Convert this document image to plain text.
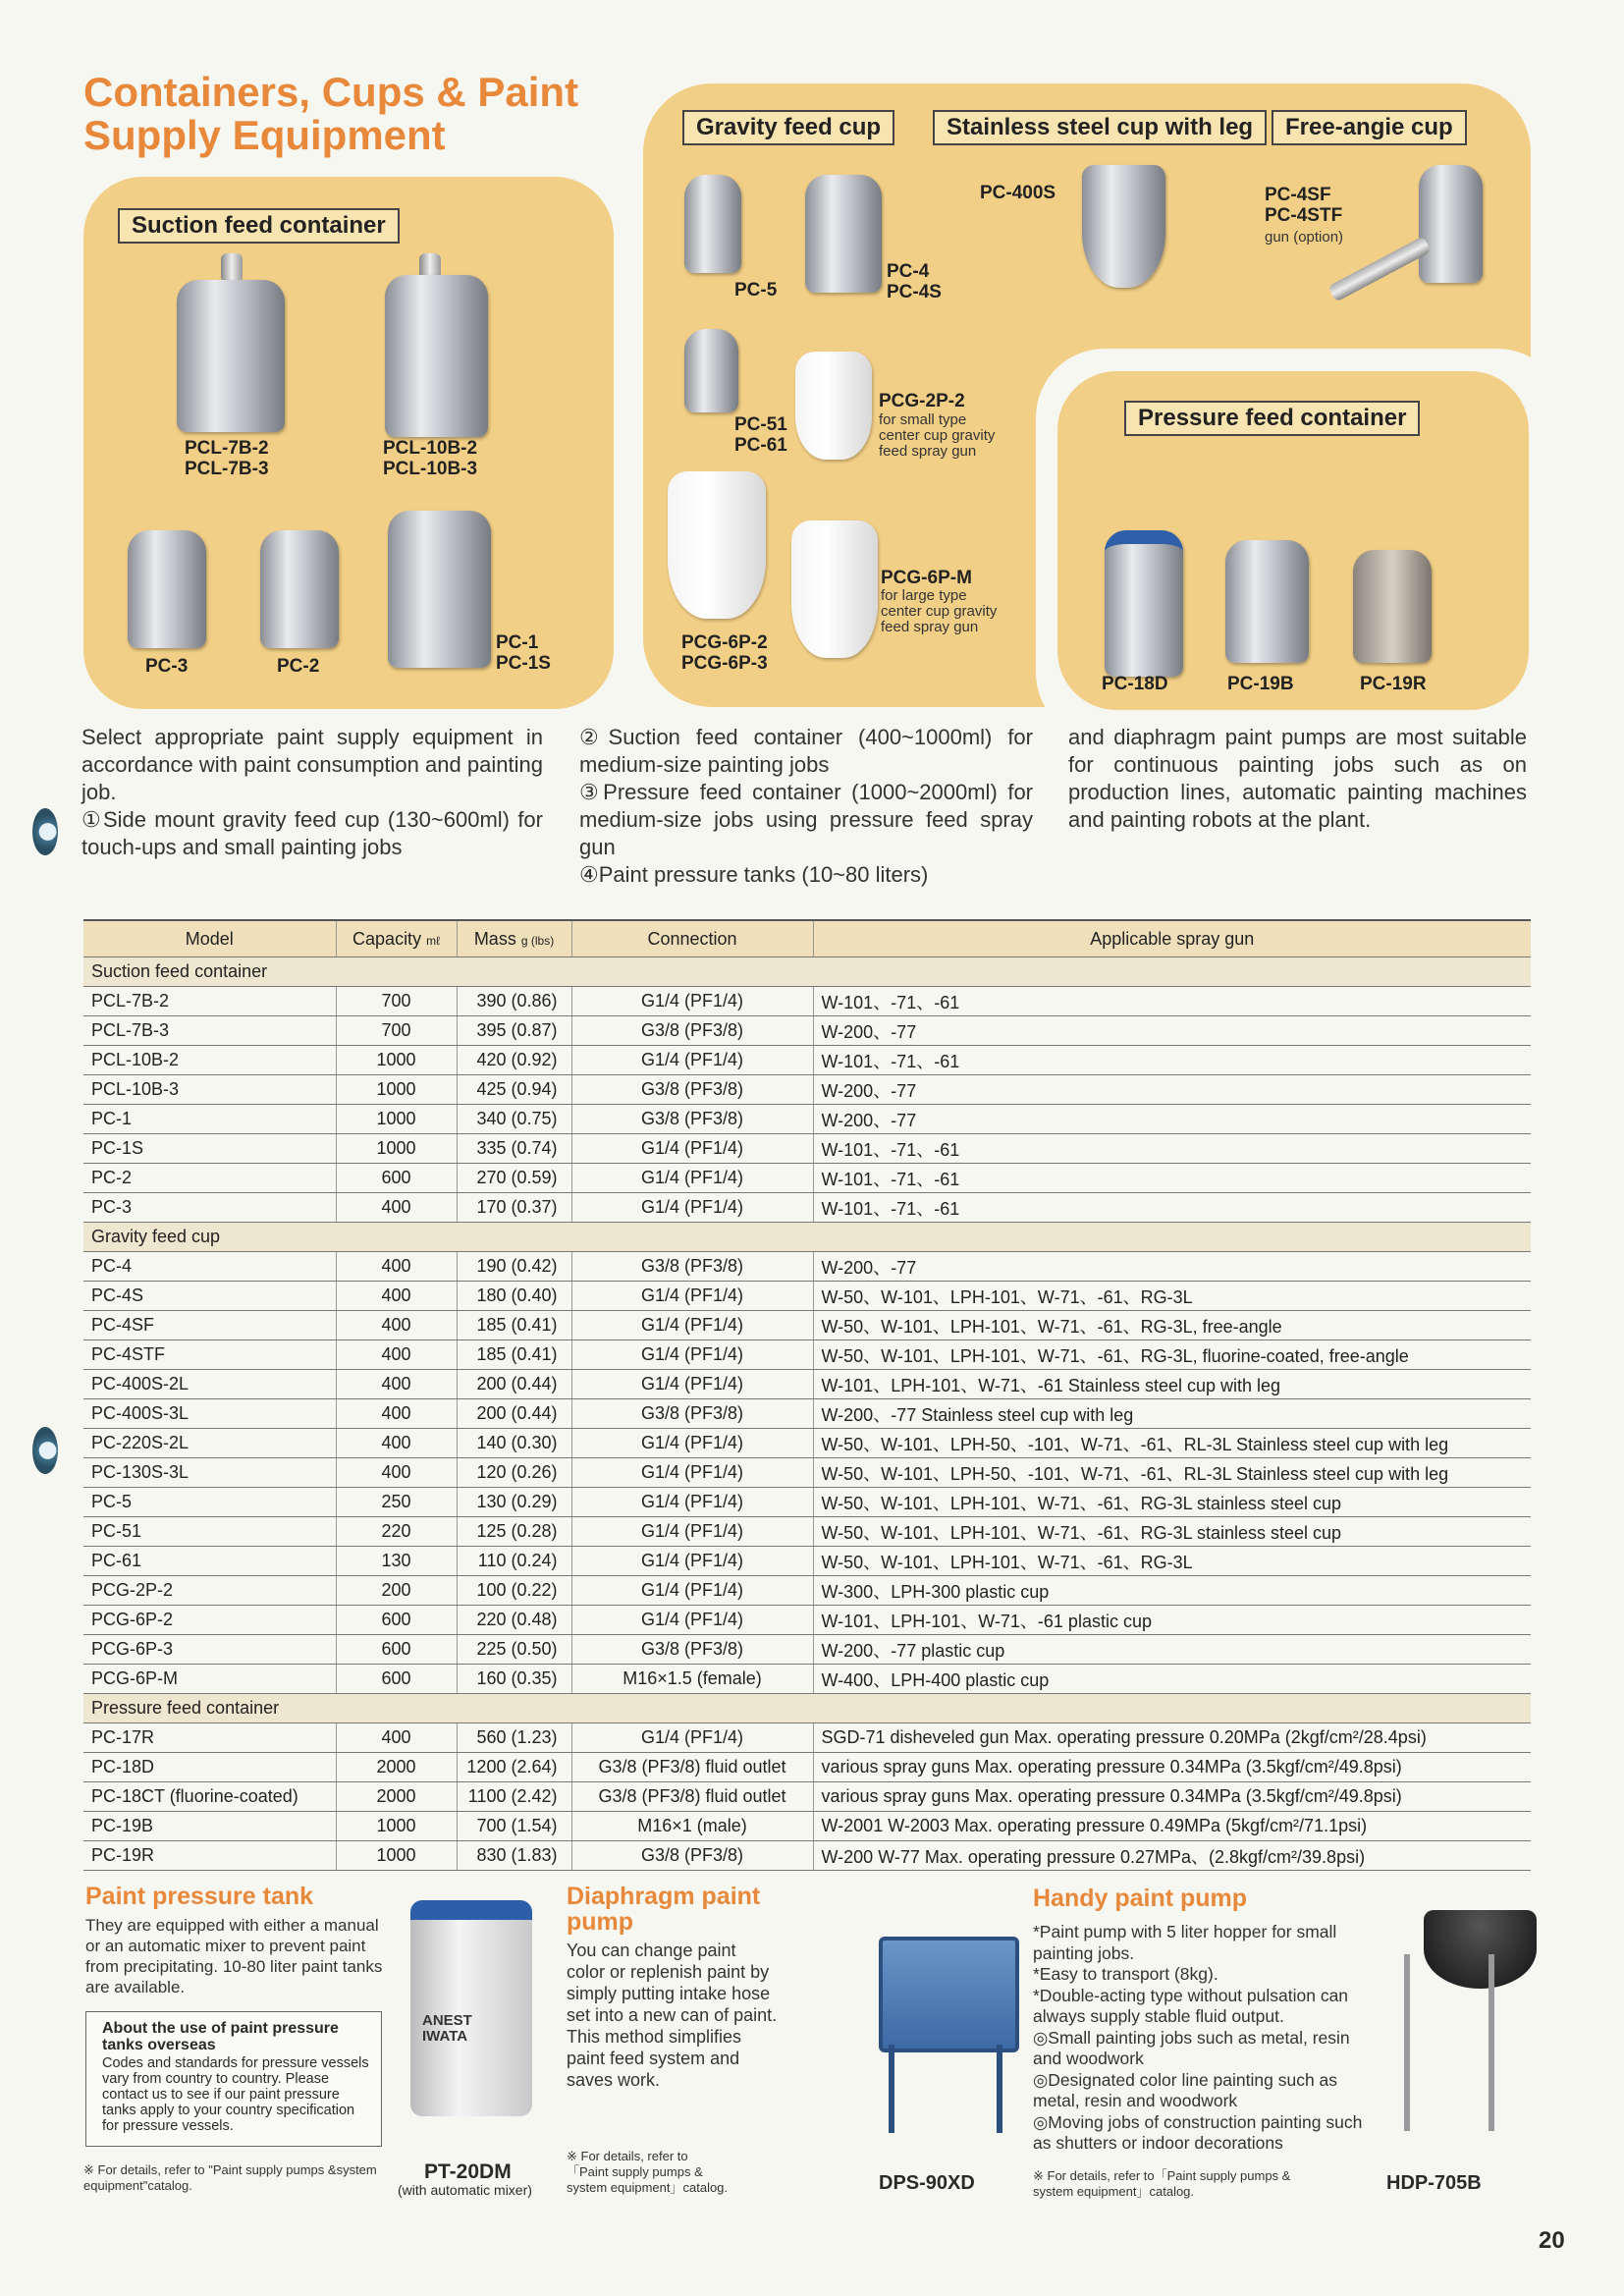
Containers, Cups & Paint
Supply Equipment
Suction feed container
PCL-7B-2
PCL-7B-3
PCL-10B-2
PCL-10B-3
PC-3	PC-2
PC-1
PC-1S
Gravity feed cup	Stainless steel cup with leg	Free-angie cup
PC-5
PC-4
PC-4S
PC-51
PC-61
PCG-2P-2
for small type
center cup gravity
feed spray gun
PCG-6P-2
PCG-6P-3
PCG-6P-M
for large type
center cup gravity
feed spray gun
PC-400S	PC-4SF
PC-4STF
gun (option)
Pressure feed container
PC-18D	PC-19B	PC-19R
Select appropriate paint supply equipment in accordance with paint consumption and painting job.
①Side mount gravity feed cup (130~600ml) for touch-ups and small painting jobs
②Suction feed container (400~1000ml) for medium-size painting jobs
③Pressure feed container (1000~2000ml) for medium-size jobs using pressure feed spray gun
④Paint pressure tanks (10~80 liters)
and diaphragm paint pumps are most suitable for continuous painting jobs such as on production lines, automatic painting machines and painting robots at the plant.
Model	Capacity mℓ	Mass g (lbs)	Connection	Applicable spray gun
Suction feed container				
PCL-7B-2	700	390 (0.86)	G1/4 (PF1/4)	W-101、-71、-61
PCL-7B-3	700	395 (0.87)	G3/8 (PF3/8)	W-200、-77
PCL-10B-2	1000	420 (0.92)	G1/4 (PF1/4)	W-101、-71、-61
PCL-10B-3	1000	425 (0.94)	G3/8 (PF3/8)	W-200、-77
PC-1	1000	340 (0.75)	G3/8 (PF3/8)	W-200、-77
PC-1S	1000	335 (0.74)	G1/4 (PF1/4)	W-101、-71、-61
PC-2	600	270 (0.59)	G1/4 (PF1/4)	W-101、-71、-61
PC-3	400	170 (0.37)	G1/4 (PF1/4)	W-101、-71、-61
Gravity feed cup				
PC-4	400	190 (0.42)	G3/8 (PF3/8)	W-200、-77
PC-4S	400	180 (0.40)	G1/4 (PF1/4)	W-50、W-101、LPH-101、W-71、-61、RG-3L
PC-4SF	400	185 (0.41)	G1/4 (PF1/4)	W-50、W-101、LPH-101、W-71、-61、RG-3L, free-angle
PC-4STF	400	185 (0.41)	G1/4 (PF1/4)	W-50、W-101、LPH-101、W-71、-61、RG-3L, fluorine-coated, free-angle
PC-400S-2L	400	200 (0.44)	G1/4 (PF1/4)	W-101、LPH-101、W-71、-61 Stainless steel cup with leg
PC-400S-3L	400	200 (0.44)	G3/8 (PF3/8)	W-200、-77 Stainless steel cup with leg
PC-220S-2L	400	140 (0.30)	G1/4 (PF1/4)	W-50、W-101、LPH-50、-101、W-71、-61、RL-3L Stainless steel cup with leg
PC-130S-3L	400	120 (0.26)	G1/4 (PF1/4)	W-50、W-101、LPH-50、-101、W-71、-61、RL-3L Stainless steel cup with leg
PC-5	250	130 (0.29)	G1/4 (PF1/4)	W-50、W-101、LPH-101、W-71、-61、RG-3L stainless steel cup
PC-51	220	125 (0.28)	G1/4 (PF1/4)	W-50、W-101、LPH-101、W-71、-61、RG-3L stainless steel cup
PC-61	130	110 (0.24)	G1/4 (PF1/4)	W-50、W-101、LPH-101、W-71、-61、RG-3L
PCG-2P-2	200	100 (0.22)	G1/4 (PF1/4)	W-300、LPH-300 plastic cup
PCG-6P-2	600	220 (0.48)	G1/4 (PF1/4)	W-101、LPH-101、W-71、-61 plastic cup
PCG-6P-3	600	225 (0.50)	G3/8 (PF3/8)	W-200、-77 plastic cup
PCG-6P-M	600	160 (0.35)	M16×1.5 (female)	W-400、LPH-400 plastic cup
Pressure feed container				
PC-17R	400	560 (1.23)	G1/4 (PF1/4)	SGD-71 disheveled gun Max. operating pressure 0.20MPa (2kgf/cm²/28.4psi)
PC-18D	2000	1200 (2.64)	G3/8 (PF3/8) fluid outlet	various spray guns Max. operating pressure 0.34MPa (3.5kgf/cm²/49.8psi)
PC-18CT (fluorine-coated)	2000	1100 (2.42)	G3/8 (PF3/8) fluid outlet	various spray guns Max. operating pressure 0.34MPa (3.5kgf/cm²/49.8psi)
PC-19B	1000	700 (1.54)	M16×1 (male)	W-2001 W-2003 Max. operating pressure 0.49MPa (5kgf/cm²/71.1psi)
PC-19R	1000	830 (1.83)	G3/8 (PF3/8)	W-200 W-77 Max. operating pressure 0.27MPa、(2.8kgf/cm²/39.8psi)
Paint pressure tank
They are equipped with either a manual or an automatic mixer to prevent paint from precipitating. 10-80 liter paint tanks are available.
About the use of paint pressure tanks overseas
Codes and standards for pressure vessels vary from country to country. Please contact us to see if our paint pressure tanks apply to your country specification for pressure vessels.
※ For details, refer to "Paint supply pumps &system equipment"catalog.
ANEST
IWATA
PT-20DM
(with automatic mixer)
Diaphragm paint pump
You can change paint color or replenish paint by simply putting intake hose set into a new can of paint.
This method simplifies paint feed system and saves work.
※ For details, refer to
「Paint supply pumps &
system equipment」catalog.	DPS-90XD
Handy paint pump
*Paint pump with 5 liter hopper for small painting jobs.
*Easy to transport (8kg).
*Double-acting type without pulsation can always supply stable fluid output.
◎Small painting jobs such as metal, resin and woodwork
◎Designated color line painting such as metal, resin and woodwork
◎Moving jobs of construction painting such as shutters or indoor decorations
※ For details, refer to「Paint supply pumps &
system equipment」catalog.	HDP-705B
20
